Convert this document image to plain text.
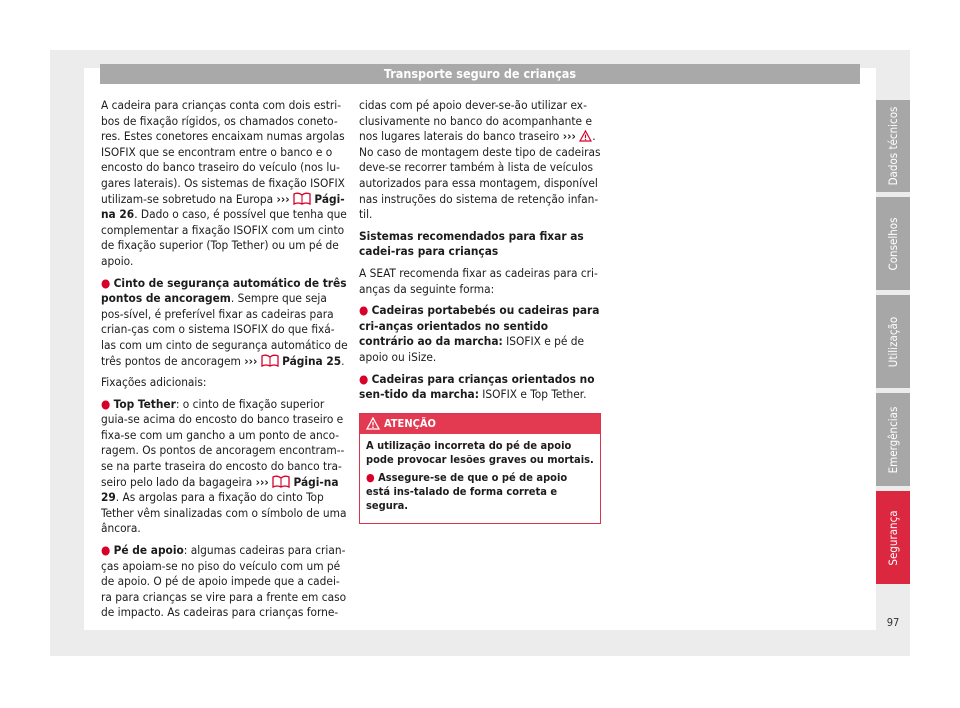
Transporte seguro de crianças

A cadeira para crianças conta com dois estri-bos de fixação rígidos, os chamados coneto-res. Estes conetores encaixam numas argolas ISOFIX que se encontram entre o banco e o encosto do banco traseiro do veículo (nos lu-gares laterais). Os sistemas de fixação ISOFIX utilizam-se sobretudo na Europa ››› Pági-na 26. Dado o caso, é possível que tenha que complementar a fixação ISOFIX com um cinto de fixação superior (Top Tether) ou um pé de apoio.

● Cinto de segurança automático de três pontos de ancoragem. Sempre que seja pos-sível, é preferível fixar as cadeiras para crian-ças com o sistema ISOFIX do que fixá-las com um cinto de segurança automático de três pontos de ancoragem ››› Página 25.

Fixações adicionais:

● Top Tether: o cinto de fixação superior guia-se acima do encosto do banco traseiro e fixa-se com um gancho a um ponto de anco-ragem. Os pontos de ancoragem encontram--se na parte traseira do encosto do banco tra-seiro pelo lado da bagageira ››› Pági-na 29. As argolas para a fixação do cinto Top Tether vêm sinalizadas com o símbolo de uma âncora.

● Pé de apoio: algumas cadeiras para crian-ças apoiam-se no piso do veículo com um pé de apoio. O pé de apoio impede que a cadei-ra para crianças se vire para a frente em caso de impacto. As cadeiras para crianças forne-

cidas com pé apoio dever-se-ão utilizar ex-clusivamente no banco do acompanhante e nos lugares laterais do banco traseiro ››› . No caso de montagem deste tipo de cadeiras deve-se recorrer também à lista de veículos autorizados para essa montagem, disponível nas instruções do sistema de retenção infan-til.

Sistemas recomendados para fixar as cadei-ras para crianças

A SEAT recomenda fixar as cadeiras para cri-anças da seguinte forma:

● Cadeiras portabebés ou cadeiras para cri-anças orientados no sentido contrário ao da marcha: ISOFIX e pé de apoio ou iSize.

● Cadeiras para crianças orientados no sen-tido da marcha: ISOFIX e Top Tether.

ATENÇÃO

A utilização incorreta do pé de apoio pode provocar lesões graves ou mortais.

● Assegure-se de que o pé de apoio está ins-talado de forma correta e segura.

Dados técnicos
Conselhos
Utilização
Emergências
Segurança
97
